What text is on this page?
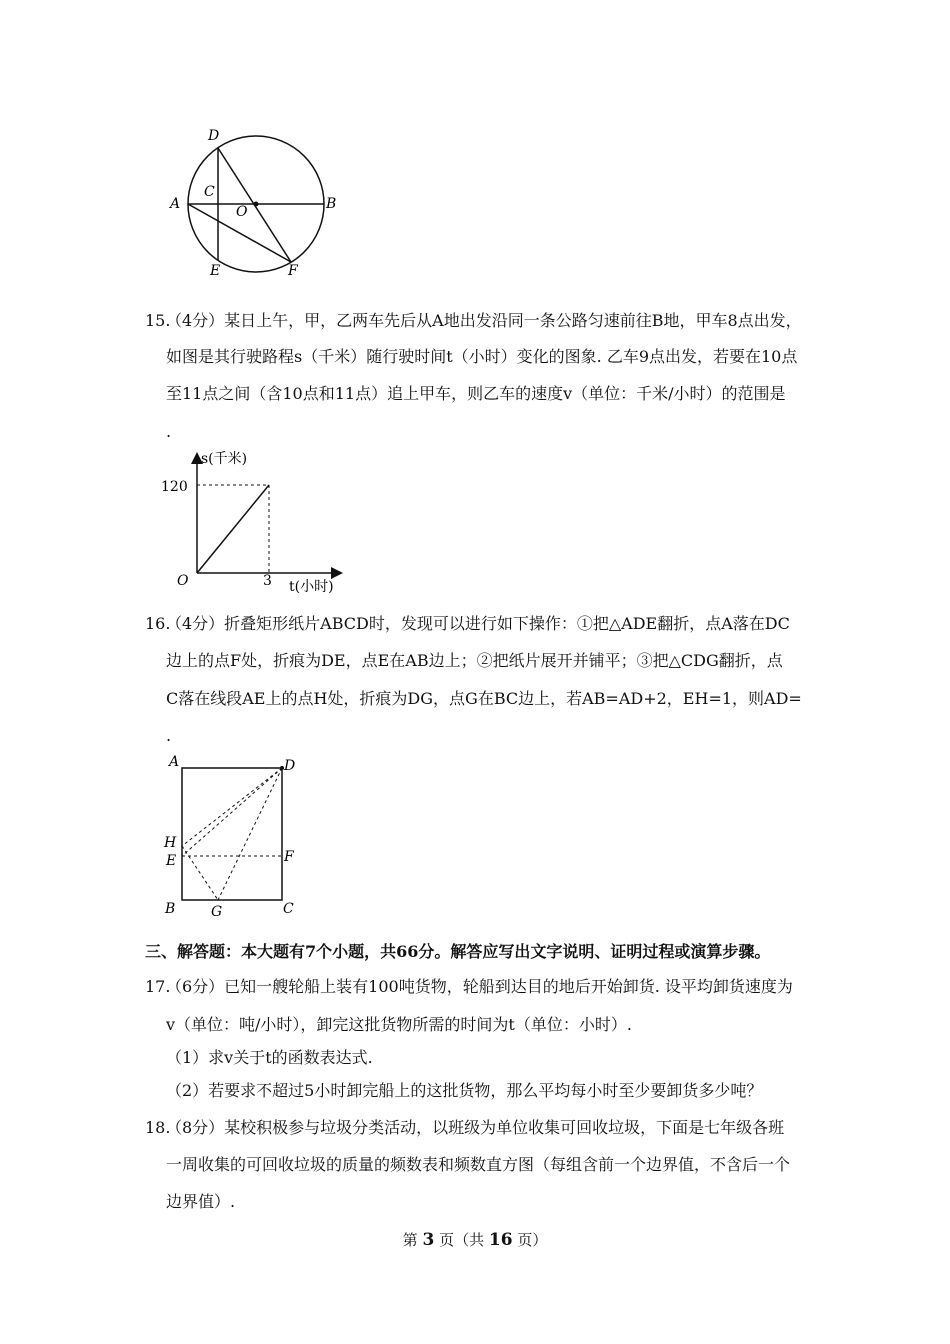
D
C
A	O	B
E	F
15.
（4分）某日上午，甲，乙两车先后从A地出发沿同一条公路匀速前往B地，甲车8点出发，
如图是其行驶路程s（千米）随行驶时间t（小时）变化的图象. 乙车9点出发，若要在10点
至11点之间（含10点和11点）追上甲车，则乙车的速度v（单位：千米/小时）的范围是
.
s(千米)
120
O	3 t(小时)
16.
（4分）折叠矩形纸片ABCD时，发现可以进行如下操作：①把△ADE翻折，点A落在DC
边上的点F处，折痕为DE，点E在AB边上；②把纸片展开并铺平；③把△CDG翻折，点
C落在线段AE上的点H处，折痕为DG，点G在BC边上，若AB=AD+2，EH=1，则AD=
.
A	D
H
E	F
B	G	C
三、解答题：本大题有7个小题，共66分。解答应写出文字说明、证明过程或演算步骤。
17.
（6分）已知一艘轮船上装有100吨货物，轮船到达目的地后开始卸货. 设平均卸货速度为
v（单位：吨/小时），卸完这批货物所需的时间为t（单位：小时）.
（1）求v关于t的函数表达式.
（2）若要求不超过5小时卸完船上的这批货物，那么平均每小时至少要卸货多少吨？
18.
（8分）某校积极参与垃圾分类活动，以班级为单位收集可回收垃圾，下面是七年级各班
一周收集的可回收垃圾的质量的频数表和频数直方图（每组含前一个边界值，不含后一个
边界值）.
第 3 页（共 16 页）
